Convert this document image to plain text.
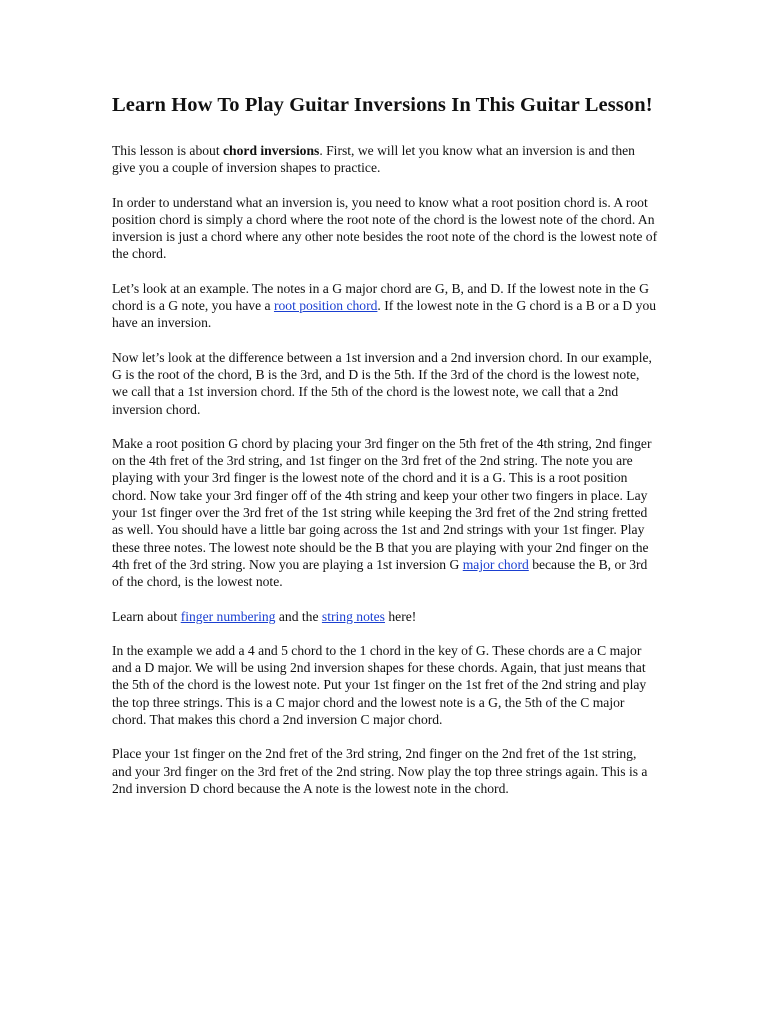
Learn How To Play Guitar Inversions In This Guitar Lesson!

This lesson is about chord inversions. First, we will let you know what an inversion is and then give you a couple of inversion shapes to practice.

In order to understand what an inversion is, you need to know what a root position chord is. A root position chord is simply a chord where the root note of the chord is the lowest note of the chord. An inversion is just a chord where any other note besides the root note of the chord is the lowest note of the chord.

Let’s look at an example. The notes in a G major chord are G, B, and D. If the lowest note in the G chord is a G note, you have a root position chord. If the lowest note in the G chord is a B or a D you have an inversion.

Now let’s look at the difference between a 1st inversion and a 2nd inversion chord. In our example, G is the root of the chord, B is the 3rd, and D is the 5th. If the 3rd of the chord is the lowest note, we call that a 1st inversion chord. If the 5th of the chord is the lowest note, we call that a 2nd inversion chord.

Make a root position G chord by placing your 3rd finger on the 5th fret of the 4th string, 2nd finger on the 4th fret of the 3rd string, and 1st finger on the 3rd fret of the 2nd string. The note you are playing with your 3rd finger is the lowest note of the chord and it is a G. This is a root position chord. Now take your 3rd finger off of the 4th string and keep your other two fingers in place. Lay your 1st finger over the 3rd fret of the 1st string while keeping the 3rd fret of the 2nd string fretted as well. You should have a little bar going across the 1st and 2nd strings with your 1st finger. Play these three notes. The lowest note should be the B that you are playing with your 2nd finger on the 4th fret of the 3rd string. Now you are playing a 1st inversion G major chord because the B, or 3rd of the chord, is the lowest note.

Learn about finger numbering and the string notes here!

In the example we add a 4 and 5 chord to the 1 chord in the key of G. These chords are a C major and a D major. We will be using 2nd inversion shapes for these chords. Again, that just means that the 5th of the chord is the lowest note. Put your 1st finger on the 1st fret of the 2nd string and play the top three strings. This is a C major chord and the lowest note is a G, the 5th of the C major chord. That makes this chord a 2nd inversion C major chord.

Place your 1st finger on the 2nd fret of the 3rd string, 2nd finger on the 2nd fret of the 1st string, and your 3rd finger on the 3rd fret of the 2nd string. Now play the top three strings again. This is a 2nd inversion D chord because the A note is the lowest note in the chord.
